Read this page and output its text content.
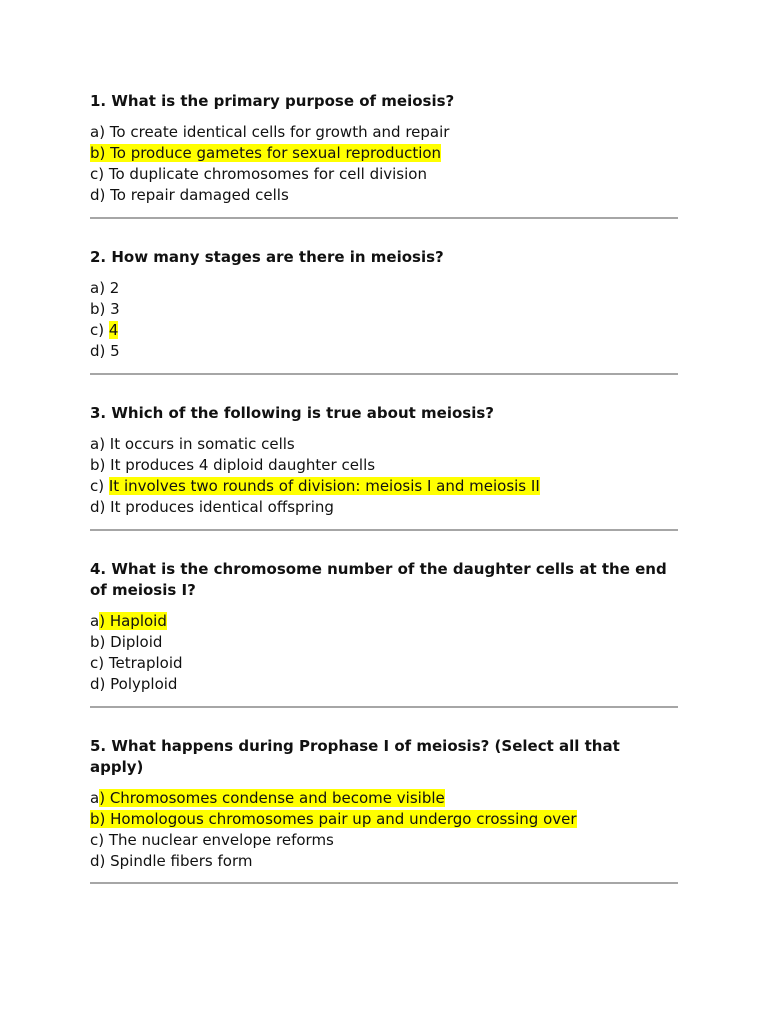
1. What is the primary purpose of meiosis?

a) To create identical cells for growth and repair
b) To produce gametes for sexual reproduction
c) To duplicate chromosomes for cell division
d) To repair damaged cells

2. How many stages are there in meiosis?

a) 2
b) 3
c) 4
d) 5

3. Which of the following is true about meiosis?

a) It occurs in somatic cells
b) It produces 4 diploid daughter cells
c) It involves two rounds of division: meiosis I and meiosis II
d) It produces identical offspring

4. What is the chromosome number of the daughter cells at the end of meiosis I?

a) Haploid
b) Diploid
c) Tetraploid
d) Polyploid

5. What happens during Prophase I of meiosis? (Select all that apply)

a) Chromosomes condense and become visible
b) Homologous chromosomes pair up and undergo crossing over
c) The nuclear envelope reforms
d) Spindle fibers form
